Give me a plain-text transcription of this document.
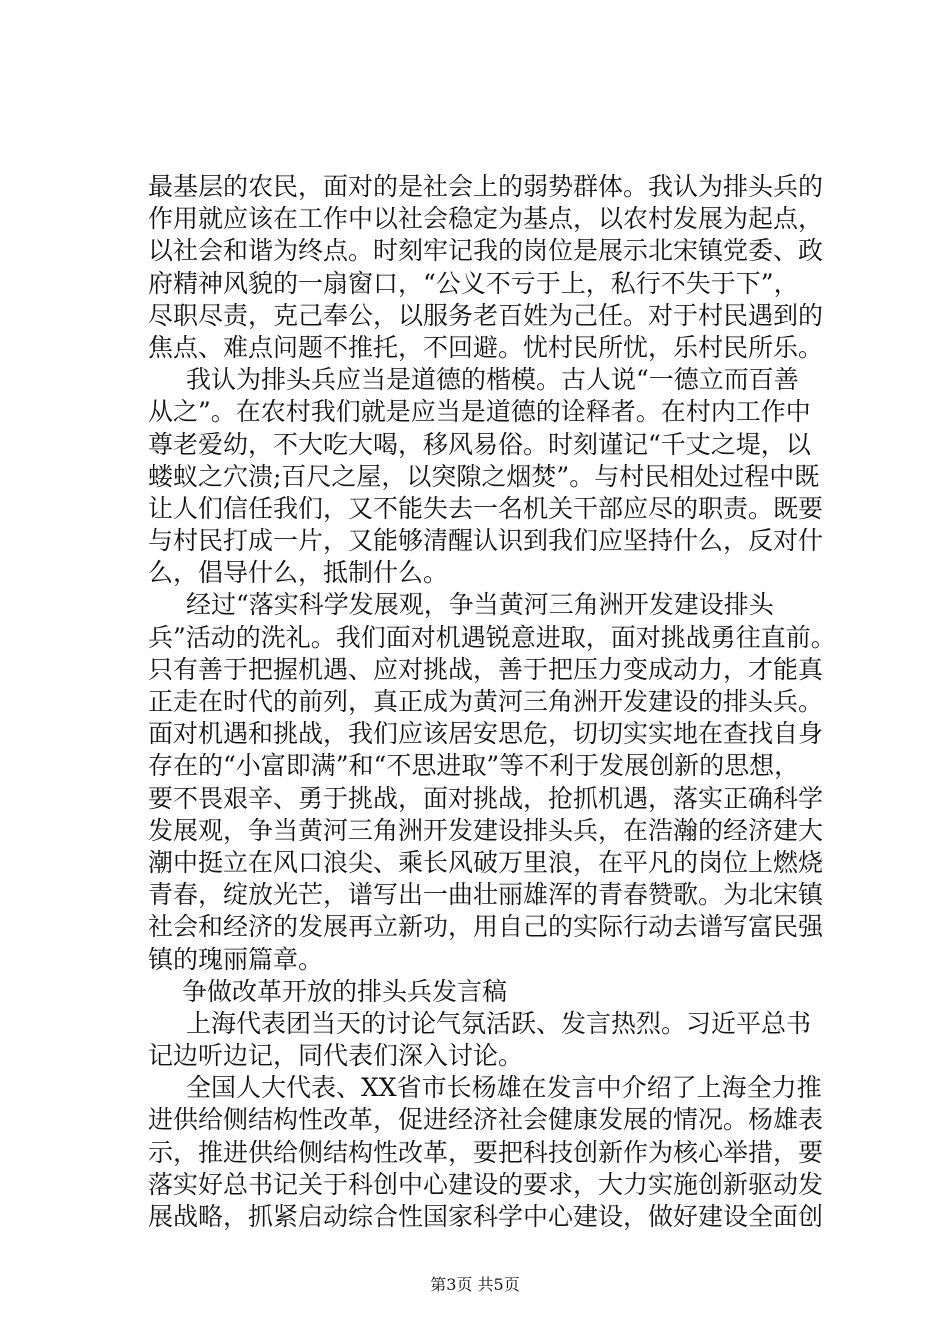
最基层的农民，面对的是社会上的弱势群体。我认为排头兵的
作用就应该在工作中以社会稳定为基点，以农村发展为起点，
以社会和谐为终点。时刻牢记我的岗位是展示北宋镇党委、政
府精神风貌的一扇窗口，“公义不亏于上，私行不失于下”，
尽职尽责，克己奉公，以服务老百姓为己任。对于村民遇到的
焦点、难点问题不推托，不回避。忧村民所忧，乐村民所乐。
我认为排头兵应当是道德的楷模。古人说“一德立而百善
从之”。在农村我们就是应当是道德的诠释者。在村内工作中
尊老爱幼，不大吃大喝，移风易俗。时刻谨记“千丈之堤，以
蝼蚁之穴溃;百尺之屋，以突隙之烟焚”。与村民相处过程中既
让人们信任我们，又不能失去一名机关干部应尽的职责。既要
与村民打成一片，又能够清醒认识到我们应坚持什么，反对什
么，倡导什么，抵制什么。
经过“落实科学发展观，争当黄河三角洲开发建设排头
兵”活动的洗礼。我们面对机遇锐意进取，面对挑战勇往直前。
只有善于把握机遇、应对挑战，善于把压力变成动力，才能真
正走在时代的前列，真正成为黄河三角洲开发建设的排头兵。
面对机遇和挑战，我们应该居安思危，切切实实地在查找自身
存在的“小富即满”和“不思进取”等不利于发展创新的思想，
要不畏艰辛、勇于挑战，面对挑战，抢抓机遇，落实正确科学
发展观，争当黄河三角洲开发建设排头兵，在浩瀚的经济建大
潮中挺立在风口浪尖、乘长风破万里浪，在平凡的岗位上燃烧
青春，绽放光芒，谱写出一曲壮丽雄浑的青春赞歌。为北宋镇
社会和经济的发展再立新功，用自己的实际行动去谱写富民强
镇的瑰丽篇章。
争做改革开放的排头兵发言稿
上海代表团当天的讨论气氛活跃、发言热烈。习近平总书
记边听边记，同代表们深入讨论。
全国人大代表、XX省市长杨雄在发言中介绍了上海全力推
进供给侧结构性改革，促进经济社会健康发展的情况。杨雄表
示，推进供给侧结构性改革，要把科技创新作为核心举措，要
落实好总书记关于科创中心建设的要求，大力实施创新驱动发
展战略，抓紧启动综合性国家科学中心建设，做好建设全面创
第3页 共5页
